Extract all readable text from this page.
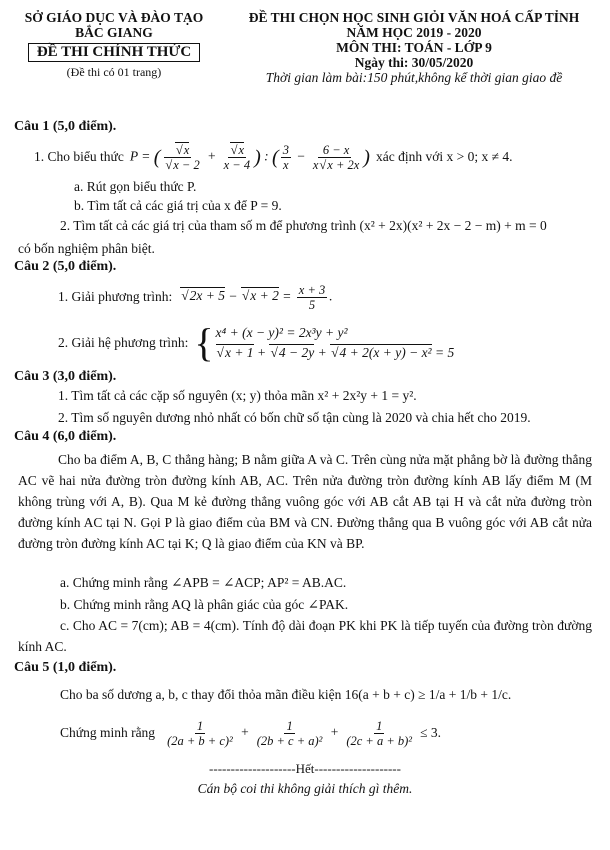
SỞ GIÁO DỤC VÀ ĐÀO TẠO
BẮC GIANG
ĐỀ THI CHÍNH THỨC
(Đề thi có 01 trang)
ĐỀ THI CHỌN HỌC SINH GIỎI VĂN HOÁ CẤP TỈNH
NĂM HỌC 2019 - 2020
MÔN THI: TOÁN - LỚP 9
Ngày thi: 30/05/2020
Thời gian làm bài:150 phút,không kể thời gian giao đề
Câu 1 (5,0 điểm).
1. Cho biểu thức P = ( √ x
√ x − 2 + √ $\frac{x}{x - 4}$ ) : ( $\frac{3}{x} - \frac{6 - x}{x √ x + 2x}$ ) xác định với x > 0; x ≠ 4.
a. Rút gọn biểu thức P.
b. Tìm tất cả các giá trị của x để P = 9.
2. Tìm tất cả các giá trị của tham số m để phương trình (x² + 2x)(x² + 2x − 2 − m) + m = 0
có bốn nghiệm phân biệt.
Câu 2 (5,0 điểm).
1. Giải phương trình:	√ 2x + 5 − √ $x + 2 = \frac{x + 3}{5}$ .
2. Giải hệ phương trình: { x⁴ + (x − y)² = 2x³y + y²
√ x + 1 + √ 4 − 2y + √ 4 + 2(x + y) − x² = 5
Câu 3 (3,0 điểm).
1. Tìm tất cả các cặp số nguyên (x; y) thỏa mãn x² + 2x²y + 1 = y².
2. Tìm số nguyên dương nhỏ nhất có bốn chữ số tận cùng là 2020 và chia hết cho 2019.
Câu 4 (6,0 điểm).
Cho ba điểm A, B, C thẳng hàng; B nằm giữa A và C. Trên cùng nửa mặt phẳng bờ là đường thẳng AC vẽ hai nửa đường tròn đường kính AB, AC. Trên nửa đường tròn đường kính AB lấy điểm M (M không trùng với A, B). Qua M kẻ đường thẳng vuông góc với AB cắt AB tại H và cắt nửa đường tròn đường kính AC tại N. Gọi P là giao điểm của BM và CN. Đường thẳng qua B vuông góc với AB cắt nửa đường tròn đường kính AC tại K; Q là giao điểm của KN và BP.
a. Chứng minh rằng ∠APB = ∠ACP; AP² = AB.AC.
b. Chứng minh rằng AQ là phân giác của góc ∠PAK.
c. Cho AC = 7(cm); AB = 4(cm). Tính độ dài đoạn PK khi PK là tiếp tuyến của đường tròn đường kính AC.
Câu 5 (1,0 điểm).
Cho ba số dương a, b, c thay đổi thỏa mãn điều kiện 16(a + b + c) ≥ 1/a + 1/b + 1/c.
Chứng minh rằng $\frac{1}{\text{(2a + b + c)²}} + \frac{1}{\text{(2b + c + a)²}} + \frac{1}{\text{(2c + a + b)²}} \le 3$.
--------------------Hết--------------------
Cán bộ coi thi không giải thích gì thêm.
